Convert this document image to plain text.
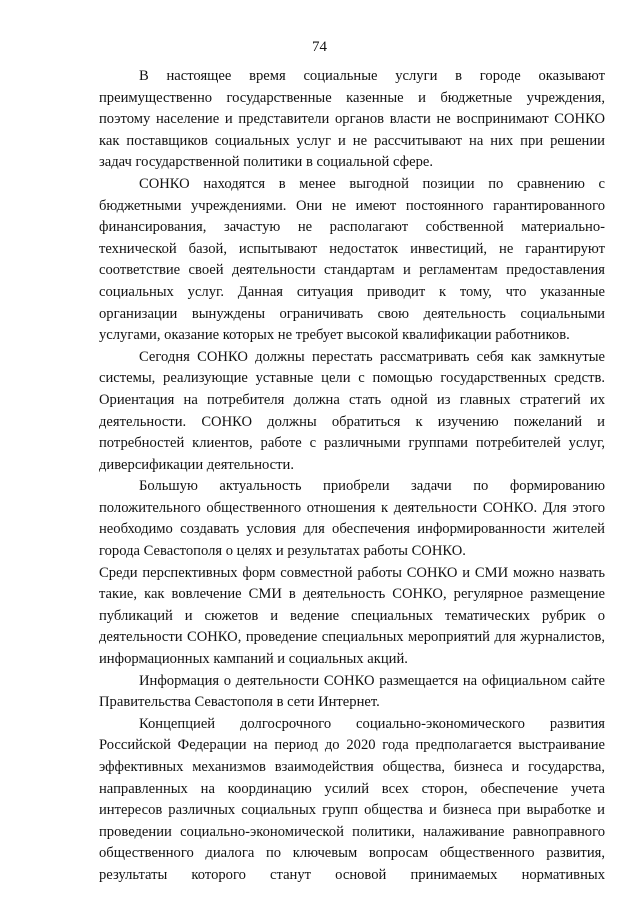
74

В настоящее время социальные услуги в городе оказывают преимущественно государственные казенные и бюджетные учреждения, поэтому население и представители органов власти не воспринимают СОНКО как поставщиков социальных услуг и не рассчитывают на них при решении задач государственной политики в социальной сфере.

СОНКО находятся в менее выгодной позиции по сравнению с бюджетными учреждениями. Они не имеют постоянного гарантированного финансирования, зачастую не располагают собственной материально-технической базой, испытывают недостаток инвестиций, не гарантируют соответствие своей деятельности стандартам и регламентам предоставления социальных услуг. Данная ситуация приводит к тому, что указанные организации вынуждены ограничивать свою деятельность социальными услугами, оказание которых не требует высокой квалификации работников.

Сегодня СОНКО должны перестать рассматривать себя как замкнутые системы, реализующие уставные цели с помощью государственных средств. Ориентация на потребителя должна стать одной из главных стратегий их деятельности. СОНКО должны обратиться к изучению пожеланий и потребностей клиентов, работе с различными группами потребителей услуг, диверсификации деятельности.

Большую актуальность приобрели задачи по формированию положительного общественного отношения к деятельности СОНКО. Для этого необходимо создавать условия для обеспечения информированности жителей города Севастополя о целях и результатах работы СОНКО.

Среди перспективных форм совместной работы СОНКО и СМИ можно назвать такие, как вовлечение СМИ в деятельность СОНКО, регулярное размещение публикаций и сюжетов и ведение специальных тематических рубрик о деятельности СОНКО, проведение специальных мероприятий для журналистов, информационных кампаний и социальных акций.

Информация о деятельности СОНКО размещается на официальном сайте Правительства Севастополя в сети Интернет.

Концепцией долгосрочного социально-экономического развития Российской Федерации на период до 2020 года предполагается выстраивание эффективных механизмов взаимодействия общества, бизнеса и государства, направленных на координацию усилий всех сторон, обеспечение учета интересов различных социальных групп общества и бизнеса при выработке и проведении социально-экономической политики, налаживание равноправного общественного диалога по ключевым вопросам общественного развития, результаты которого станут основой принимаемых нормативных
